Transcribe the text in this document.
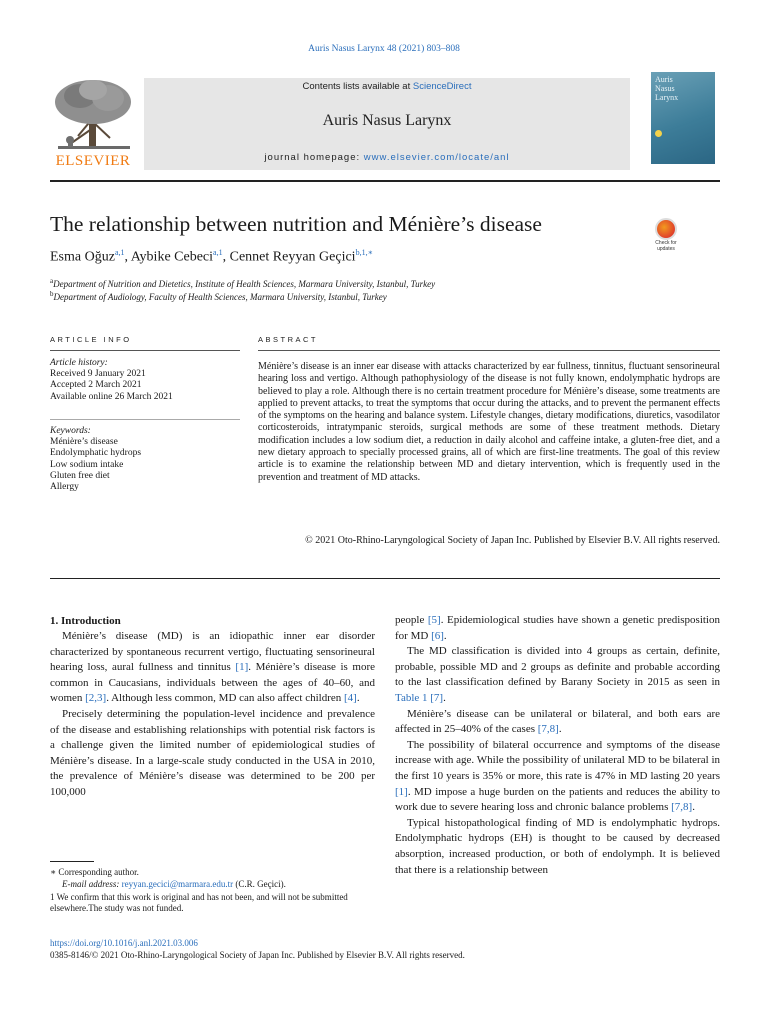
Auris Nasus Larynx 48 (2021) 803–808
ELSEVIER
Contents lists available at ScienceDirect
Auris Nasus Larynx
journal homepage: www.elsevier.com/locate/anl
Auris
Nasus
Larynx
The relationship between nutrition and Ménière’s disease
Check for
updates
Esma Oğuz$^{a,1}$, Aybike Cebeci$^{a,1}$, Cennet Reyyan Geçici$^{b,1,∗}$
$^a$Department of Nutrition and Dietetics, Institute of Health Sciences, Marmara University, Istanbul, Turkey
$^b$Department of Audiology, Faculty of Health Sciences, Marmara University, Istanbul, Turkey
ARTICLE INFO	ABSTRACT
Article history:
Received 9 January 2021
Accepted 2 March 2021
Available online 26 March 2021
Keywords:
Ménière’s disease
Endolymphatic hydrops
Low sodium intake
Gluten free diet
Allergy
Ménière’s disease is an inner ear disease with attacks characterized by ear fullness, tinnitus, fluctuant sensorineural hearing loss and vertigo. Although pathophysiology of the disease is not fully known, endolymphatic hydrops are believed to play a role. Although there is no certain treatment procedure for Ménière’s disease, some treatments are applied to prevent attacks, to treat the symptoms that occur during the attacks, and to prevent the permanent effects of the symptoms on the hearing and balance system. Lifestyle changes, dietary modifications, diuretics, vasodilator corticosteroids, intratympanic steroids, surgical methods are some of these treatment methods. Dietary modification includes a low sodium diet, a reduction in daily alcohol and caffeine intake, a gluten-free diet, and a new dietary approach to specially processed grains, all of which are first-line treatments. The goal of this review article is to examine the relationship between MD and dietary intervention, which is frequently used in the prevention and treatment of MD attacks.
© 2021 Oto-Rhino-Laryngological Society of Japan Inc. Published by Elsevier B.V. All rights reserved.
1. Introduction

Ménière’s disease (MD) is an idiopathic inner ear disorder characterized by spontaneous recurrent vertigo, fluctuating sensorineural hearing loss, aural fullness and tinnitus [1]. Ménière’s disease is more common in Caucasians, individuals between the ages of 40–60, and women [2,3]. Although less common, MD can also affect children [4].

Precisely determining the population-level incidence and prevalence of the disease and establishing relationships with potential risk factors is a challenge given the limited number of epidemiological studies of Ménière’s disease. In a large-scale study conducted in the USA in 2010, the prevalence of Ménière’s disease was determined to be 200 per 100,000

people [5]. Epidemiological studies have shown a genetic predisposition for MD [6].

The MD classification is divided into 4 groups as certain, definite, probable, possible MD and 2 groups as definite and probable according to the last classification defined by Barany Society in 2015 as seen in Table 1 [7].

Ménière’s disease can be unilateral or bilateral, and both ears are affected in 25–40% of the cases [7,8].

The possibility of bilateral occurrence and symptoms of the disease increase with age. While the possibility of unilateral MD to be bilateral in the first 10 years is 35% or more, this rate is 47% in MD lasting 20 years [1]. MD impose a huge burden on the patients and reduces the ability to work due to severe hearing loss and chronic balance problems [7,8].

Typical histopathological finding of MD is endolymphatic hydrops. Endolymphatic hydrops (EH) is thought to be caused by decreased absorption, increased production, or both of endolymph. It is believed that there is a relationship between

∗ Corresponding author.
E-mail address: reyyan.gecici@marmara.edu.tr (C.R. Geçici).
1 We confirm that this work is original and has not been, and will not be submitted elsewhere.The study was not funded.
https://doi.org/10.1016/j.anl.2021.03.006
0385-8146/© 2021 Oto-Rhino-Laryngological Society of Japan Inc. Published by Elsevier B.V. All rights reserved.
